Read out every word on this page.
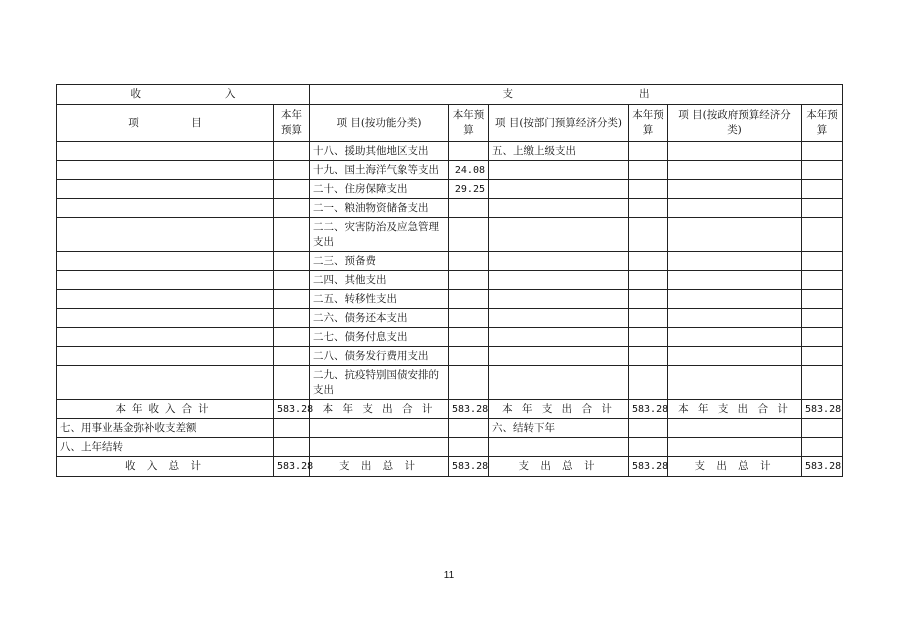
收　　　　　　　　入		支　　　　　　　　　　　　出					
项　　　　　目	本年预算	项 目(按功能分类)	本年预算	项 目(按部门预算经济分类)	本年预算	项 目(按政府预算经济分类)	本年预算
		十八、援助其他地区支出		五、上缴上级支出			
		十九、国土海洋气象等支出	24.08				
		二十、住房保障支出	29.25				
		二一、粮油物资储备支出					
		二二、灾害防治及应急管理支出					
		二三、预备费					
		二四、其他支出					
		二五、转移性支出					
		二六、债务还本支出					
		二七、债务付息支出					
		二八、债务发行费用支出					
		二九、抗疫特别国债安排的支出					
本年收入合计	583.28	本 年 支 出 合 计	583.28	本 年 支 出 合 计	583.28	本 年 支 出 合 计	583.28
七、用事业基金弥补收支差额				六、结转下年			
八、上年结转							
收 入 总 计	583.28	支 出 总 计	583.28	支 出 总 计	583.28	支 出 总 计	583.28
11
